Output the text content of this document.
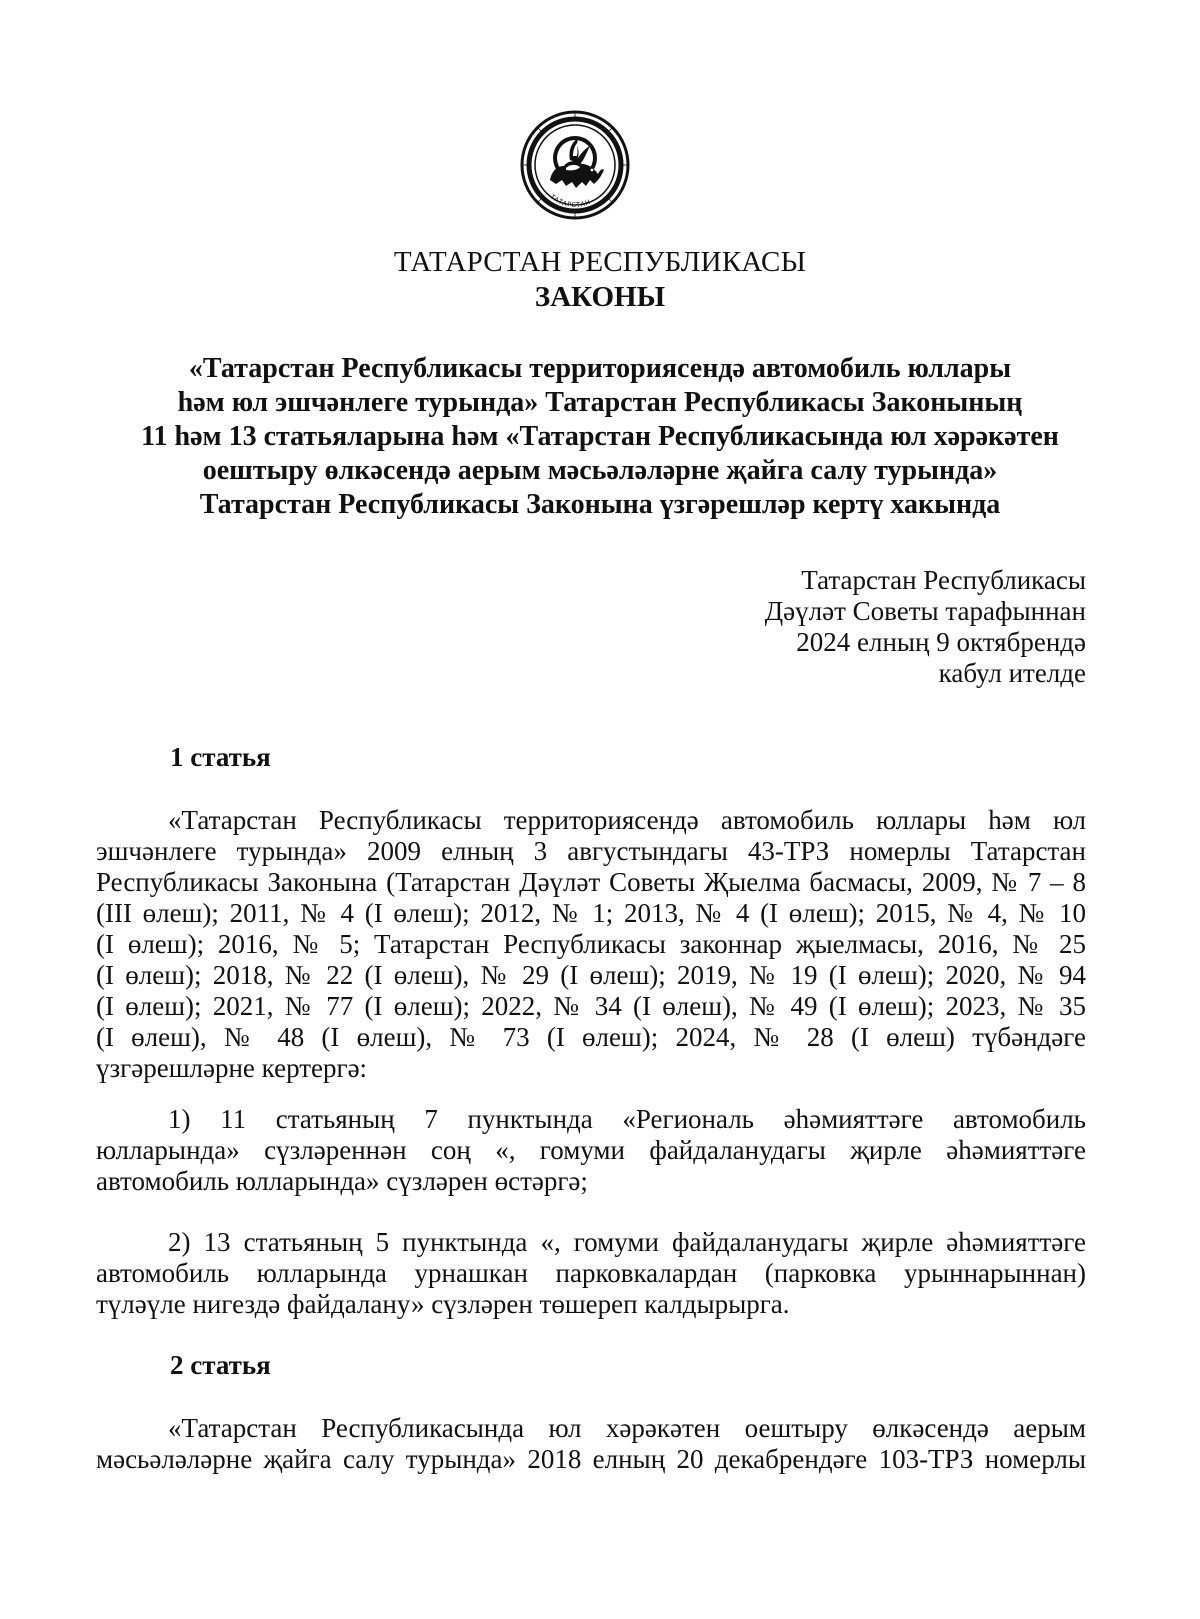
ТАТАРСТАН
ТАТАРСТАН РЕСПУБЛИКАСЫ
ЗАКОНЫ
«Татарстан Республикасы территориясендә автомобиль юллары
һәм юл эшчәнлеге турында» Татарстан Республикасы Законының
11 һәм 13 статьяларына һәм «Татарстан Республикасында юл хәрәкәтен
оештыру өлкәсендә аерым мәсьәләләрне җайга салу турында»
Татарстан Республикасы Законына үзгәрешләр кертү хакында
Татарстан Республикасы
Дәүләт Советы тарафыннан
2024 елның 9 октябрендә
кабул ителде
1 статья
«Татарстан Республикасы территориясендә автомобиль юллары һәм юл
эшчәнлеге турында» 2009 елның 3 августындагы 43-ТРЗ номерлы Татарстан
Республикасы Законына (Татарстан Дәүләт Советы Җыелма басмасы, 2009, № 7 – 8
(III өлеш); 2011, № 4 (I өлеш); 2012, № 1; 2013, № 4 (I өлеш); 2015, № 4, № 10
(I өлеш); 2016, № 5; Татарстан Республикасы законнар җыелмасы, 2016, № 25
(I өлеш); 2018, № 22 (I өлеш), № 29 (I өлеш); 2019, № 19 (I өлеш); 2020, № 94
(I өлеш); 2021, № 77 (I өлеш); 2022, № 34 (I өлеш), № 49 (I өлеш); 2023, № 35
(I өлеш), № 48 (I өлеш), № 73 (I өлеш); 2024, № 28 (I өлеш) түбәндәге
үзгәрешләрне кертергә:
1) 11 статьяның 7 пунктында «Региональ әһәмияттәге автомобиль
юлларында» сүзләреннән соң «, гомуми файдаланудагы җирле әһәмияттәге
автомобиль юлларында» сүзләрен өстәргә;
2) 13 статьяның 5 пунктында «, гомуми файдаланудагы җирле әһәмияттәге
автомобиль юлларында урнашкан парковкалардан (парковка урыннарыннан)
түләүле нигездә файдалану» сүзләрен төшереп калдырырга.
2 статья
«Татарстан Республикасында юл хәрәкәтен оештыру өлкәсендә аерым
мәсьәләләрне җайга салу турында» 2018 елның 20 декабрендәге 103-ТРЗ номерлы
